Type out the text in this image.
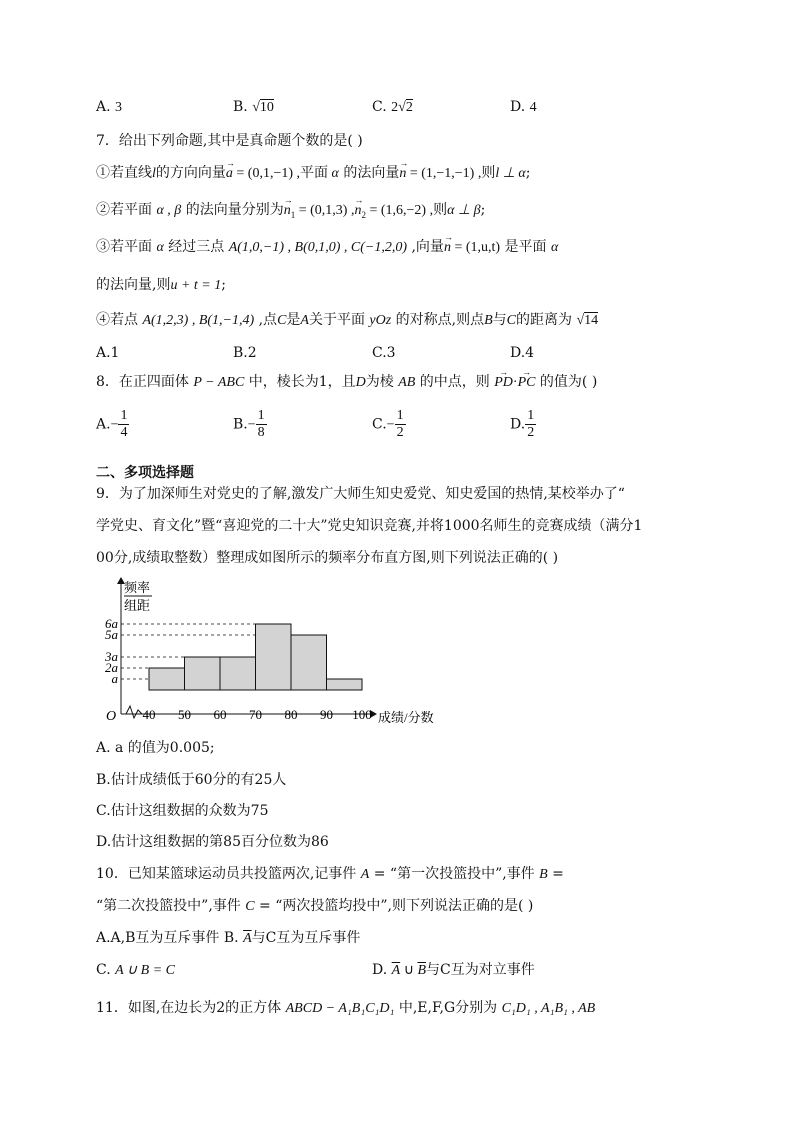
A. 3	B. √10	C. 2√2	D. 4
7．给出下列命题,其中是真命题个数的是( )
①若直线l的方向向量→ a = (0,1,−1) ,平面 α 的法向量→ n = (1,−1,−1) ,则l ⊥ α;
②若平面 α , β 的法向量分别为→ $n_1 = (0,1,3)$ ,→ $n_2 = (1,6,-2)$ ,则α ⊥ β;
③若平面 α 经过三点 A(1,0,−1) , B(0,1,0) , C(−1,2,0) ,向量→ n = (1,u,t) 是平面 α
的法向量,则u + t = 1;
④若点 A(1,2,3) , B(1,−1,4) ,点C是A关于平面 yOz 的对称点,则点B与C的距离为 √14
A.1	B.2	C.3	D.4
8．在正四面体 P − ABC 中，棱长为1，且D为棱 AB 的中点，则 → PD·→ PC 的值为( )
$A.- \frac{1}{4}$	$B.- \frac{1}{8}$	$C.- \frac{1}{2}$	D. $\frac{1}{2}$
二、多项选择题
9．为了加深师生对党史的了解,激发广大师生知史爱党、知史爱国的热情,某校举办了“
学党史、育文化”暨“喜迎党的二十大”党史知识竞赛,并将1000名师生的竞赛成绩（满分1
00分,成绩取整数）整理成如图所示的频率分布直方图,则下列说法正确的( )
频率
组距
O	成绩/分数
40 50 60 70 80 90 100
a
2a
3a
5a
6a
A. a 的值为0.005;
B.估计成绩低于60分的有25人
C.估计这组数据的众数为75
D.估计这组数据的第85百分位数为86
10．已知某篮球运动员共投篮两次,记事件 A = “第一次投篮投中”,事件 B =
“第二次投篮投中”,事件 C = “两次投篮均投中”,则下列说法正确的是( )
A.A,B互为互斥事件 B. $\overline{A}$与C互为互斥事件
C. A ∪ B = C	D. $\overline{A}$ ∪ $\overline{B}$与C互为对立事件
11．如图,在边长为2的正方体 ABCD − A₁B₁C₁D₁ 中,E,F,G分别为 C₁D₁ , A₁B₁ , AB
